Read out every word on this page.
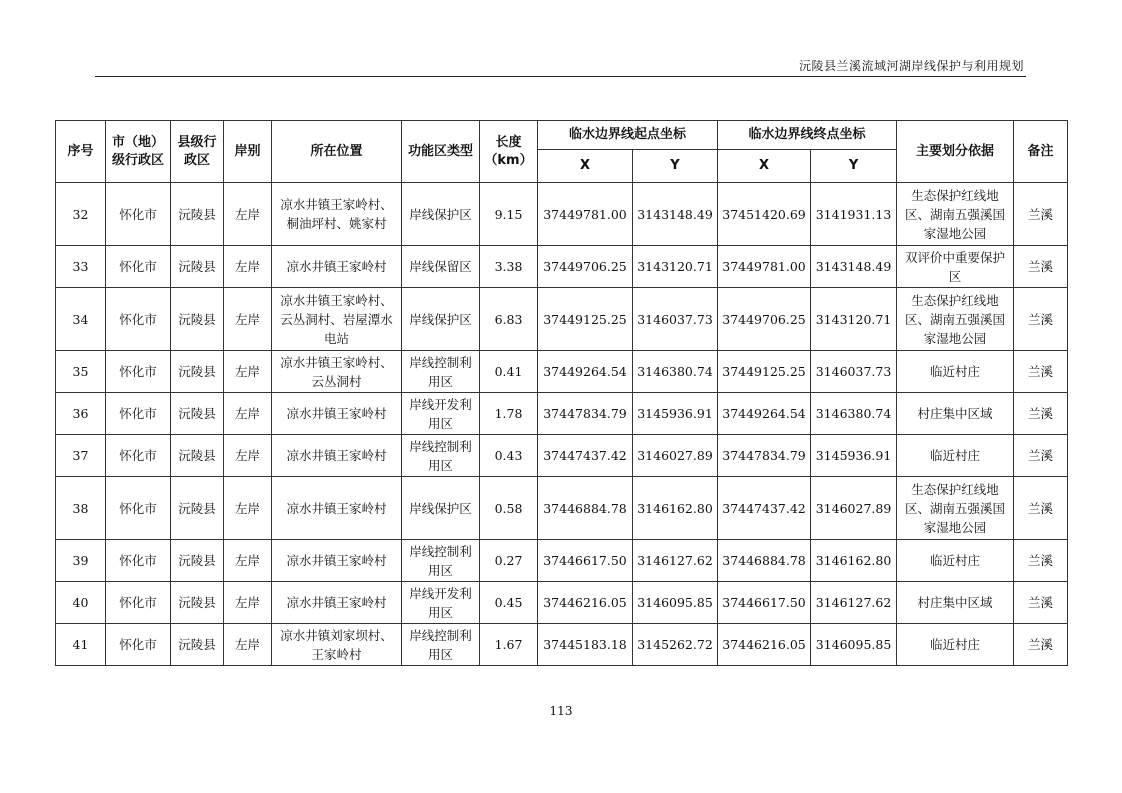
沅陵县兰溪流域河湖岸线保护与利用规划
序号	市（地）级行政区	县级行政区	岸别	所在位置	功能区类型	长度（km）	临水边界线起点坐标		临水边界线终点坐标		主要划分依据	备注
							X	Y	X	Y		
32	怀化市	沅陵县	左岸	凉水井镇王家岭村、桐油坪村、姚家村	岸线保护区	9.15	37449781.00	3143148.49	37451420.69	3141931.13	生态保护红线地区、湖南五强溪国家湿地公园	兰溪
33	怀化市	沅陵县	左岸	凉水井镇王家岭村	岸线保留区	3.38	37449706.25	3143120.71	37449781.00	3143148.49	双评价中重要保护区	兰溪
34	怀化市	沅陵县	左岸	凉水井镇王家岭村、云丛洞村、岩屋潭水电站	岸线保护区	6.83	37449125.25	3146037.73	37449706.25	3143120.71	生态保护红线地区、湖南五强溪国家湿地公园	兰溪
35	怀化市	沅陵县	左岸	凉水井镇王家岭村、云丛洞村	岸线控制利用区	0.41	37449264.54	3146380.74	37449125.25	3146037.73	临近村庄	兰溪
36	怀化市	沅陵县	左岸	凉水井镇王家岭村	岸线开发利用区	1.78	37447834.79	3145936.91	37449264.54	3146380.74	村庄集中区域	兰溪
37	怀化市	沅陵县	左岸	凉水井镇王家岭村	岸线控制利用区	0.43	37447437.42	3146027.89	37447834.79	3145936.91	临近村庄	兰溪
38	怀化市	沅陵县	左岸	凉水井镇王家岭村	岸线保护区	0.58	37446884.78	3146162.80	37447437.42	3146027.89	生态保护红线地区、湖南五强溪国家湿地公园	兰溪
39	怀化市	沅陵县	左岸	凉水井镇王家岭村	岸线控制利用区	0.27	37446617.50	3146127.62	37446884.78	3146162.80	临近村庄	兰溪
40	怀化市	沅陵县	左岸	凉水井镇王家岭村	岸线开发利用区	0.45	37446216.05	3146095.85	37446617.50	3146127.62	村庄集中区域	兰溪
41	怀化市	沅陵县	左岸	凉水井镇刘家坝村、王家岭村	岸线控制利用区	1.67	37445183.18	3145262.72	37446216.05	3146095.85	临近村庄	兰溪
113
